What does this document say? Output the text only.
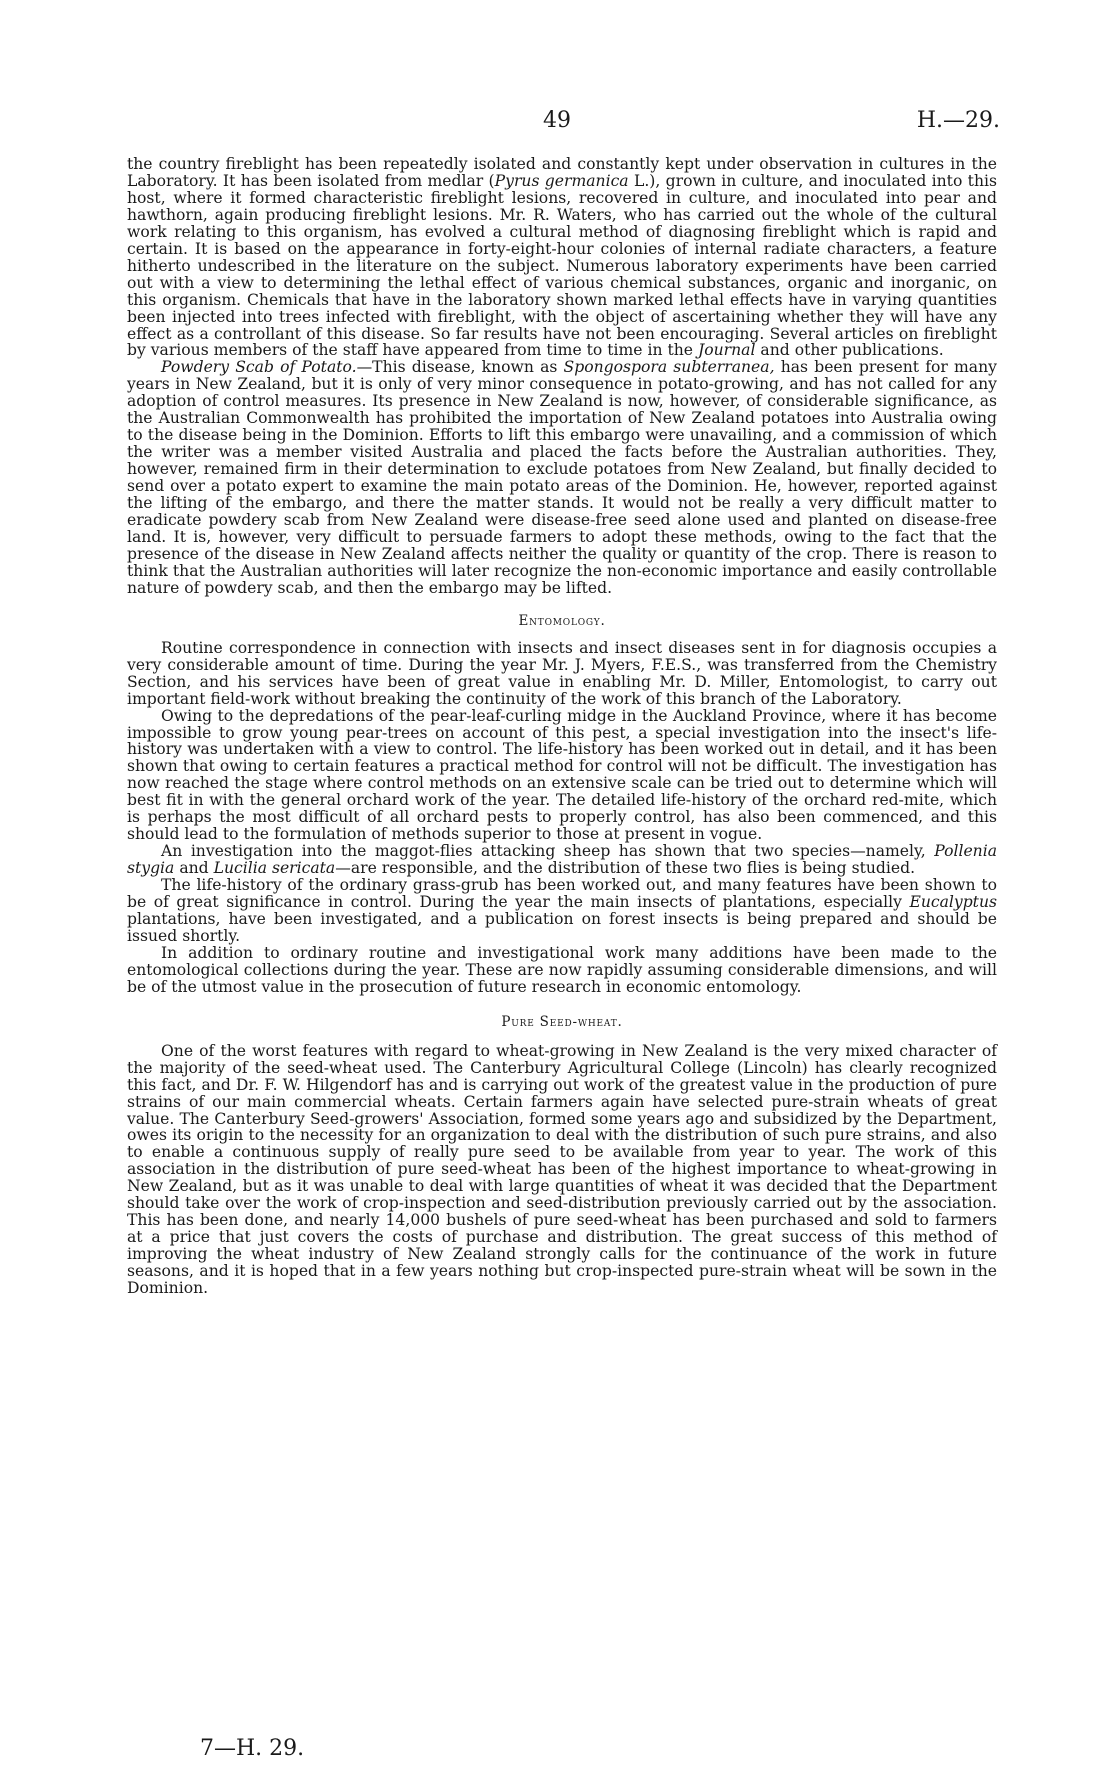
49	H.—29.

the country fireblight has been repeatedly isolated and constantly kept under observation in cultures in the Laboratory. It has been isolated from medlar (Pyrus germanica L.), grown in culture, and inoculated into this host, where it formed characteristic fireblight lesions, recovered in culture, and inoculated into pear and hawthorn, again producing fireblight lesions. Mr. R. Waters, who has carried out the whole of the cultural work relating to this organism, has evolved a cultural method of diagnosing fireblight which is rapid and certain. It is based on the appearance in forty-eight-hour colonies of internal radiate characters, a feature hitherto undescribed in the literature on the subject. Numerous laboratory experiments have been carried out with a view to determining the lethal effect of various chemical substances, organic and inorganic, on this organism. Chemicals that have in the laboratory shown marked lethal effects have in varying quantities been injected into trees infected with fireblight, with the object of ascertaining whether they will have any effect as a controllant of this disease. So far results have not been encouraging. Several articles on fireblight by various members of the staff have appeared from time to time in the Journal and other publications.

Powdery Scab of Potato.—This disease, known as Spongospora subterranea, has been present for many years in New Zealand, but it is only of very minor consequence in potato-growing, and has not called for any adoption of control measures. Its presence in New Zealand is now, however, of considerable significance, as the Australian Commonwealth has prohibited the importation of New Zealand potatoes into Australia owing to the disease being in the Dominion. Efforts to lift this embargo were unavailing, and a commission of which the writer was a member visited Australia and placed the facts before the Australian authorities. They, however, remained firm in their determination to exclude potatoes from New Zealand, but finally decided to send over a potato expert to examine the main potato areas of the Dominion. He, however, reported against the lifting of the embargo, and there the matter stands. It would not be really a very difficult matter to eradicate powdery scab from New Zealand were disease-free seed alone used and planted on disease-free land. It is, however, very difficult to persuade farmers to adopt these methods, owing to the fact that the presence of the disease in New Zealand affects neither the quality or quantity of the crop. There is reason to think that the Australian authorities will later recognize the non-economic importance and easily controllable nature of powdery scab, and then the embargo may be lifted.

Entomology.

Routine correspondence in connection with insects and insect diseases sent in for diagnosis occupies a very considerable amount of time. During the year Mr. J. Myers, F.E.S., was transferred from the Chemistry Section, and his services have been of great value in enabling Mr. D. Miller, Entomologist, to carry out important field-work without breaking the continuity of the work of this branch of the Laboratory.

Owing to the depredations of the pear-leaf-curling midge in the Auckland Province, where it has become impossible to grow young pear-trees on account of this pest, a special investigation into the insect's life-history was undertaken with a view to control. The life-history has been worked out in detail, and it has been shown that owing to certain features a practical method for control will not be difficult. The investigation has now reached the stage where control methods on an extensive scale can be tried out to determine which will best fit in with the general orchard work of the year. The detailed life-history of the orchard red-mite, which is perhaps the most difficult of all orchard pests to properly control, has also been commenced, and this should lead to the formulation of methods superior to those at present in vogue.

An investigation into the maggot-flies attacking sheep has shown that two species—namely, Pollenia stygia and Lucilia sericata—are responsible, and the distribution of these two flies is being studied.

The life-history of the ordinary grass-grub has been worked out, and many features have been shown to be of great significance in control. During the year the main insects of plantations, especially Eucalyptus plantations, have been investigated, and a publication on forest insects is being prepared and should be issued shortly.

In addition to ordinary routine and investigational work many additions have been made to the entomological collections during the year. These are now rapidly assuming considerable dimensions, and will be of the utmost value in the prosecution of future research in economic entomology.

Pure Seed-wheat.

One of the worst features with regard to wheat-growing in New Zealand is the very mixed character of the majority of the seed-wheat used. The Canterbury Agricultural College (Lincoln) has clearly recognized this fact, and Dr. F. W. Hilgendorf has and is carrying out work of the greatest value in the production of pure strains of our main commercial wheats. Certain farmers again have selected pure-strain wheats of great value. The Canterbury Seed-growers' Association, formed some years ago and subsidized by the Department, owes its origin to the necessity for an organization to deal with the distribution of such pure strains, and also to enable a continuous supply of really pure seed to be available from year to year. The work of this association in the distribution of pure seed-wheat has been of the highest importance to wheat-growing in New Zealand, but as it was unable to deal with large quantities of wheat it was decided that the Department should take over the work of crop-inspection and seed-distribution previously carried out by the association. This has been done, and nearly 14,000 bushels of pure seed-wheat has been purchased and sold to farmers at a price that just covers the costs of purchase and distribution. The great success of this method of improving the wheat industry of New Zealand strongly calls for the continuance of the work in future seasons, and it is hoped that in a few years nothing but crop-inspected pure-strain wheat will be sown in the Dominion.

7—H. 29.
